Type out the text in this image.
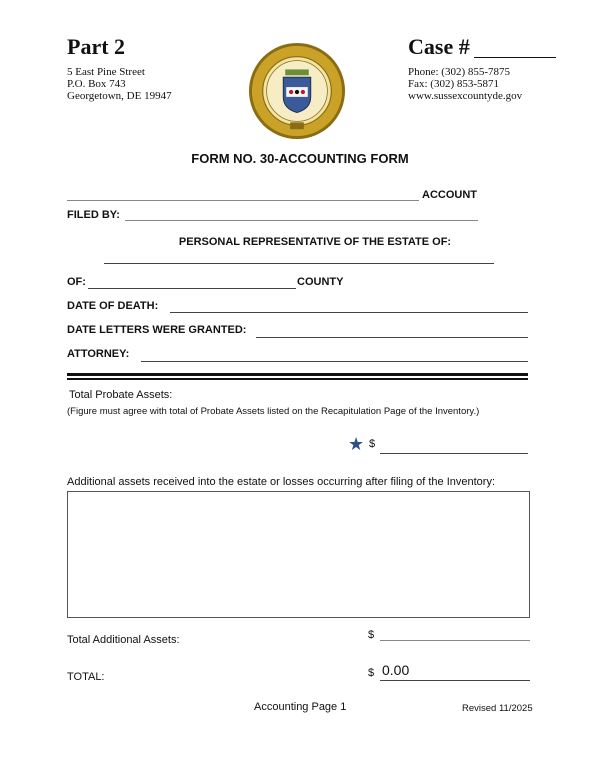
Part 2
5 East Pine Street
P.O. Box 743
Georgetown, DE 19947
Case #
Phone: (302) 855-7875
Fax: (302) 853-5871
www.sussexcountyde.gov
FORM NO. 30-ACCOUNTING FORM
ACCOUNT
FILED BY:
PERSONAL REPRESENTATIVE OF THE ESTATE OF:
OF:	COUNTY
DATE OF DEATH:
DATE LETTERS WERE GRANTED:
ATTORNEY:
Total Probate Assets:
(Figure must agree with total of Probate Assets listed on the Recapitulation Page of the Inventory.)
★ $
Additional assets received into the estate or losses occurring after filing of the Inventory:
Total Additional Assets:	$
TOTAL:	$ 0.00
Accounting Page 1	Revised 11/2025
